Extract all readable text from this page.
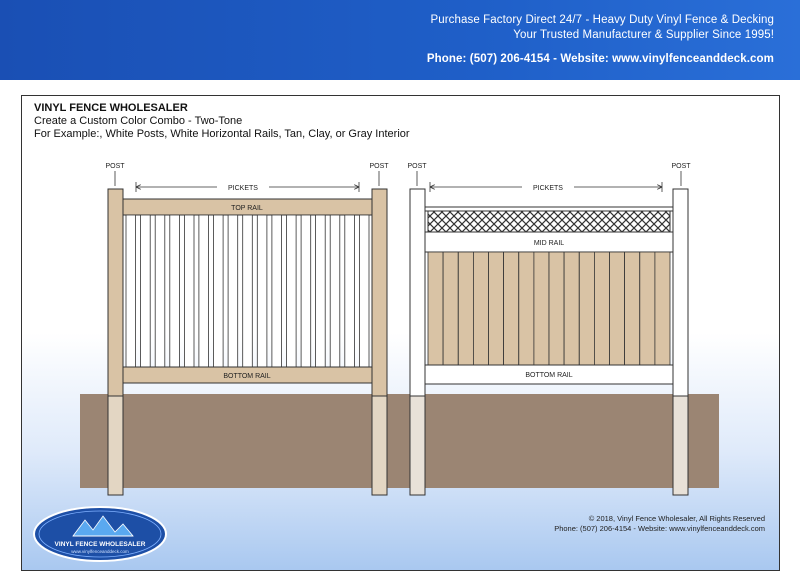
Purchase Factory Direct 24/7 - Heavy Duty Vinyl Fence & Decking
Your Trusted Manufacturer & Supplier Since 1995!
Phone: (507) 206-4154 - Website: www.vinylfenceanddeck.com
POST	POST
PICKETS
TOP RAIL
BOTTOM RAIL
POST	POST
PICKETS
MID RAIL
BOTTOM RAIL
VINYL FENCE WHOLESALER
www.vinylfenceanddeck.com
VINYL FENCE WHOLESALER
Create a Custom Color Combo - Two-Tone
For Example:, White Posts, White Horizontal Rails, Tan, Clay, or Gray Interior
© 2018, Vinyl Fence Wholesaler, All Rights Reserved
Phone: (507) 206-4154 - Website: www.vinylfenceanddeck.com
